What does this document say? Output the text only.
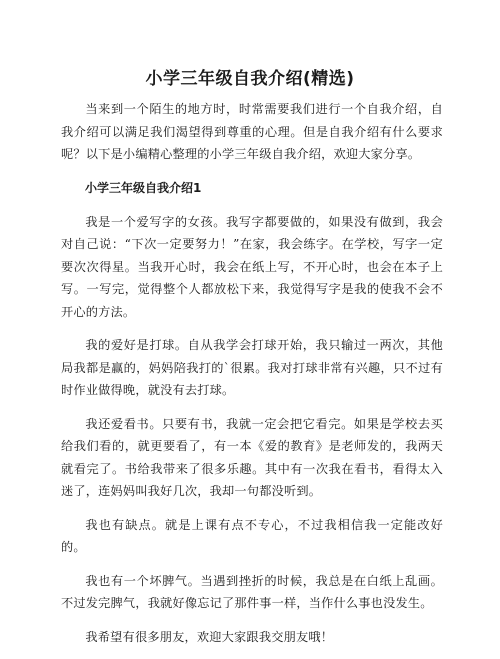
小学三年级自我介绍(精选)

当来到一个陌生的地方时，时常需要我们进行一个自我介绍，自我介绍可以满足我们渴望得到尊重的心理。但是自我介绍有什么要求呢？以下是小编精心整理的小学三年级自我介绍，欢迎大家分享。

小学三年级自我介绍1

我是一个爱写字的女孩。我写字都要做的，如果没有做到，我会对自己说：“下次一定要努力！”在家，我会练字。在学校，写字一定要次次得星。当我开心时，我会在纸上写，不开心时，也会在本子上写。一写完，觉得整个人都放松下来，我觉得写字是我的使我不会不开心的方法。

我的爱好是打球。自从我学会打球开始，我只输过一两次，其他局我都是赢的，妈妈陪我打的`很累。我对打球非常有兴趣，只不过有时作业做得晚，就没有去打球。

我还爱看书。只要有书，我就一定会把它看完。如果是学校去买给我们看的，就更要看了，有一本《爱的教育》是老师发的，我两天就看完了。书给我带来了很多乐趣。其中有一次我在看书，看得太入迷了，连妈妈叫我好几次，我却一句都没听到。

我也有缺点。就是上课有点不专心，不过我相信我一定能改好的。

我也有一个坏脾气。当遇到挫折的时候，我总是在白纸上乱画。不过发完脾气，我就好像忘记了那件事一样，当作什么事也没发生。

我希望有很多朋友，欢迎大家跟我交朋友哦！
